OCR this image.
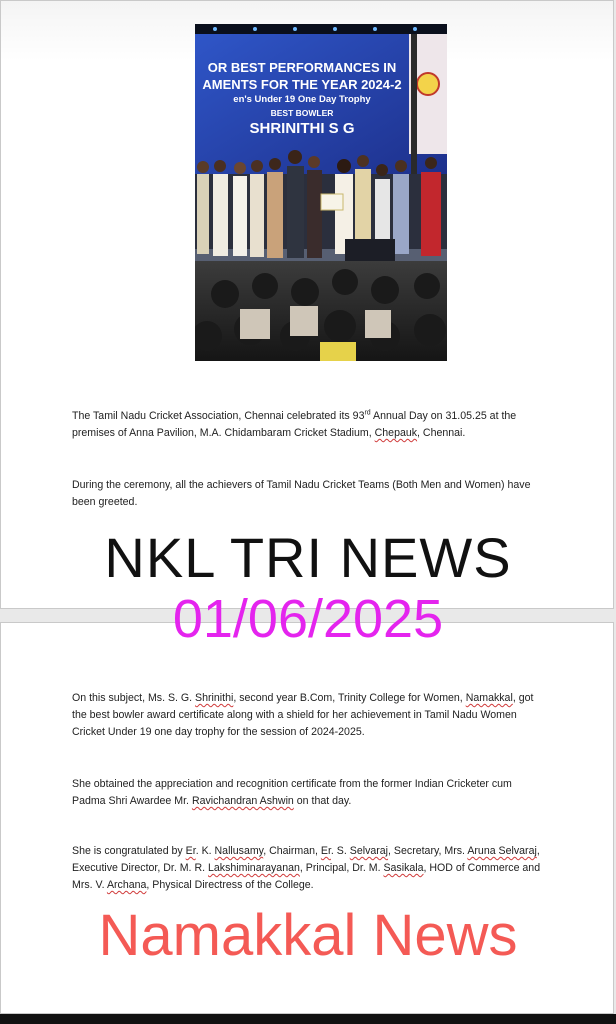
OR BEST PERFORMANCES IN
AMENTS FOR THE YEAR 2024-2
en's Under 19 One Day Trophy
BEST BOWLER
SHRINITHI S G

The Tamil Nadu Cricket Association, Chennai celebrated its 93rd Annual Day on 31.05.25 at the premises of Anna Pavilion, M.A. Chidambaram Cricket Stadium, Chepauk, Chennai.

During the ceremony, all the achievers of Tamil Nadu Cricket Teams (Both Men and Women) have been greeted.

On this subject, Ms. S. G. Shrinithi, second year B.Com, Trinity College for Women, Namakkal, got the best bowler award certificate along with a shield for her achievement in Tamil Nadu Women Cricket Under 19 one day trophy for the session of 2024-2025.

She obtained the appreciation and recognition certificate from the former Indian Cricketer cum Padma Shri Awardee Mr. Ravichandran Ashwin on that day.

She is congratulated by Er. K. Nallusamy, Chairman, Er. S. Selvaraj, Secretary, Mrs. Aruna Selvaraj, Executive Director, Dr. M. R. Lakshiminarayanan, Principal, Dr. M. Sasikala, HOD of Commerce and Mrs. V. Archana, Physical Directress of the College.

NKL TRI NEWS

01/06/2025

Namakkal News
